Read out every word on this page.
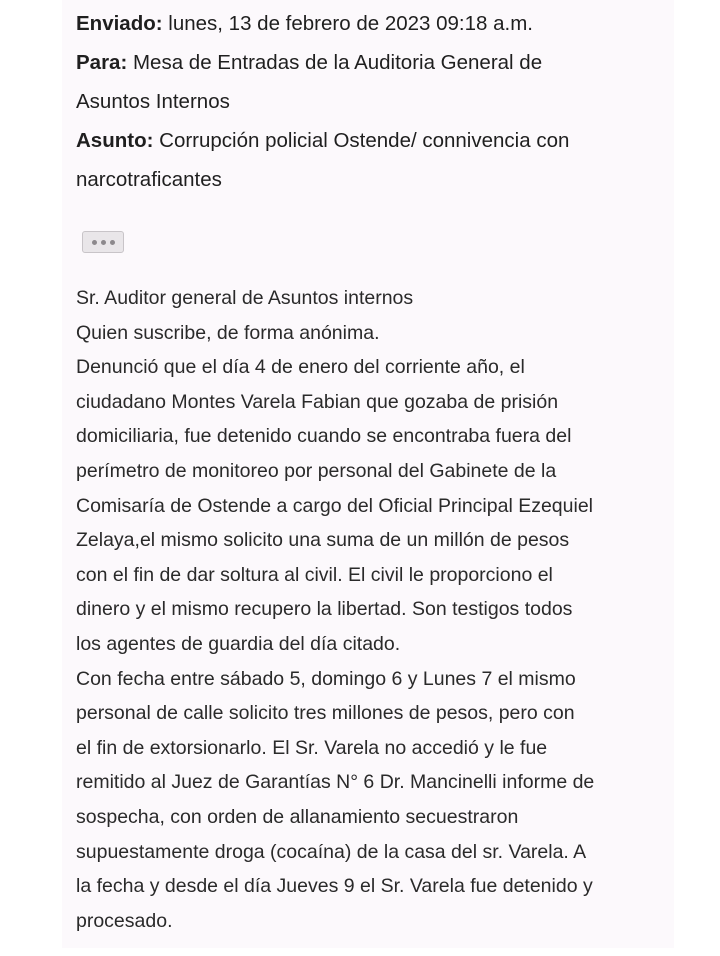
Enviado: lunes, 13 de febrero de 2023 09:18 a.m.
Para: Mesa de Entradas de la Auditoria General de
Asuntos Internos
Asunto: Corrupción policial Ostende/ connivencia con
narcotraficantes
Sr. Auditor general de Asuntos internos
Quien suscribe, de forma anónima.
Denunció que el día 4 de enero del corriente año, el
ciudadano Montes Varela Fabian que gozaba de prisión
domiciliaria, fue detenido cuando se encontraba fuera del
perímetro de monitoreo por personal del Gabinete de la
Comisaría de Ostende a cargo del Oficial Principal Ezequiel
Zelaya,el mismo solicito una suma de un millón de pesos
con el fin de dar soltura al civil. El civil le proporciono el
dinero y el mismo recupero la libertad. Son testigos todos
los agentes de guardia del día citado.
Con fecha entre sábado 5, domingo 6 y Lunes 7 el mismo
personal de calle solicito tres millones de pesos, pero con
el fin de extorsionarlo. El Sr. Varela no accedió y le fue
remitido al Juez de Garantías N° 6 Dr. Mancinelli informe de
sospecha, con orden de allanamiento secuestraron
supuestamente droga (cocaína) de la casa del sr. Varela. A
la fecha y desde el día Jueves 9 el Sr. Varela fue detenido y
procesado.
